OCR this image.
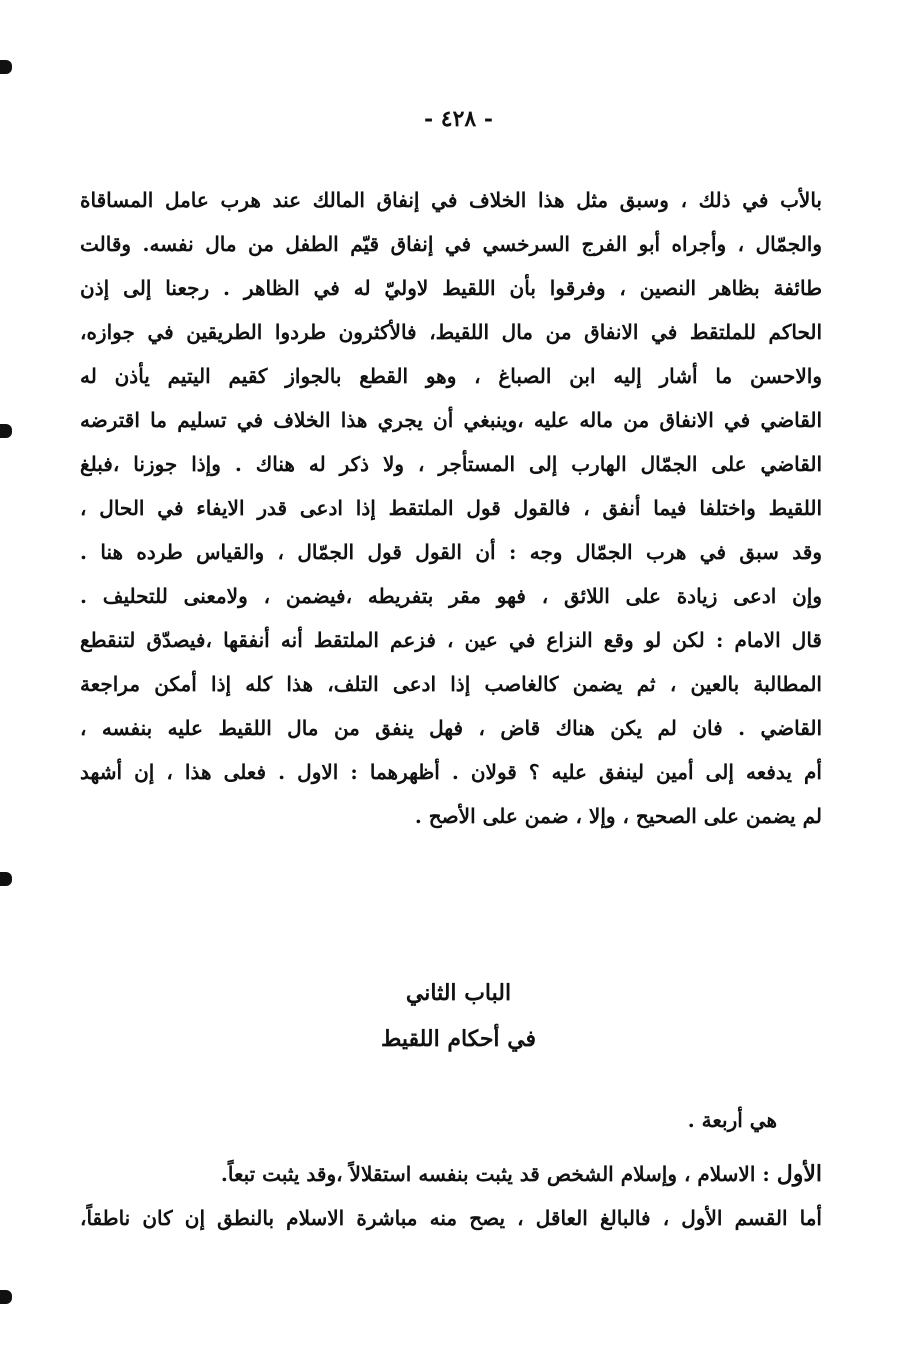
- ٤٢٨ -
بالأب في ذلك ، وسبق مثل هذا الخلاف في إنفاق المالك عند هرب عامل المساقاة
والجمّال ، وأجراه أبو الفرج السرخسي في إنفاق قيّم الطفل من مال نفسه. وقالت
طائفة بظاهر النصين ، وفرقوا بأن اللقيط لاوليّ له في الظاهر . رجعنا إلى إذن
الحاكم للملتقط في الانفاق من مال اللقيط، فالأكثرون طردوا الطريقين في جوازه،
والاحسن ما أشار إليه ابن الصباغ ، وهو القطع بالجواز كقيم اليتيم يأذن له
القاضي في الانفاق من ماله عليه ،وينبغي أن يجري هذا الخلاف في تسليم ما اقترضه
القاضي على الجمّال الهارب إلى المستأجر ، ولا ذكر له هناك . وإذا جوزنا ،فبلغ
اللقيط واختلفا فيما أنفق ، فالقول قول الملتقط إذا ادعى قدر الايفاء في الحال ،
وقد سبق في هرب الجمّال وجه : أن القول قول الجمّال ، والقياس طرده هنا .
وإن ادعى زيادة على اللائق ، فهو مقر بتفريطه ،فيضمن ، ولامعنى للتحليف .
قال الامام : لكن لو وقع النزاع في عين ، فزعم الملتقط أنه أنفقها ،فيصدّق لتنقطع
المطالبة بالعين ، ثم يضمن كالغاصب إذا ادعى التلف، هذا كله إذا أمكن مراجعة
القاضي . فان لم يكن هناك قاض ، فهل ينفق من مال اللقيط عليه بنفسه ،
أم يدفعه إلى أمين لينفق عليه ؟ قولان . أظهرهما : الاول . فعلى هذا ، إن أشهد
لم يضمن على الصحيح ، وإلا ، ضمن على الأصح .
الباب الثاني
في أحكام اللقيط
هي أربعة .
الأول : الاسلام ، وإسلام الشخص قد يثبت بنفسه استقلالاً ،وقد يثبت تبعاً.
أما القسم الأول ، فالبالغ العاقل ، يصح منه مباشرة الاسلام بالنطق إن كان ناطقاً،
